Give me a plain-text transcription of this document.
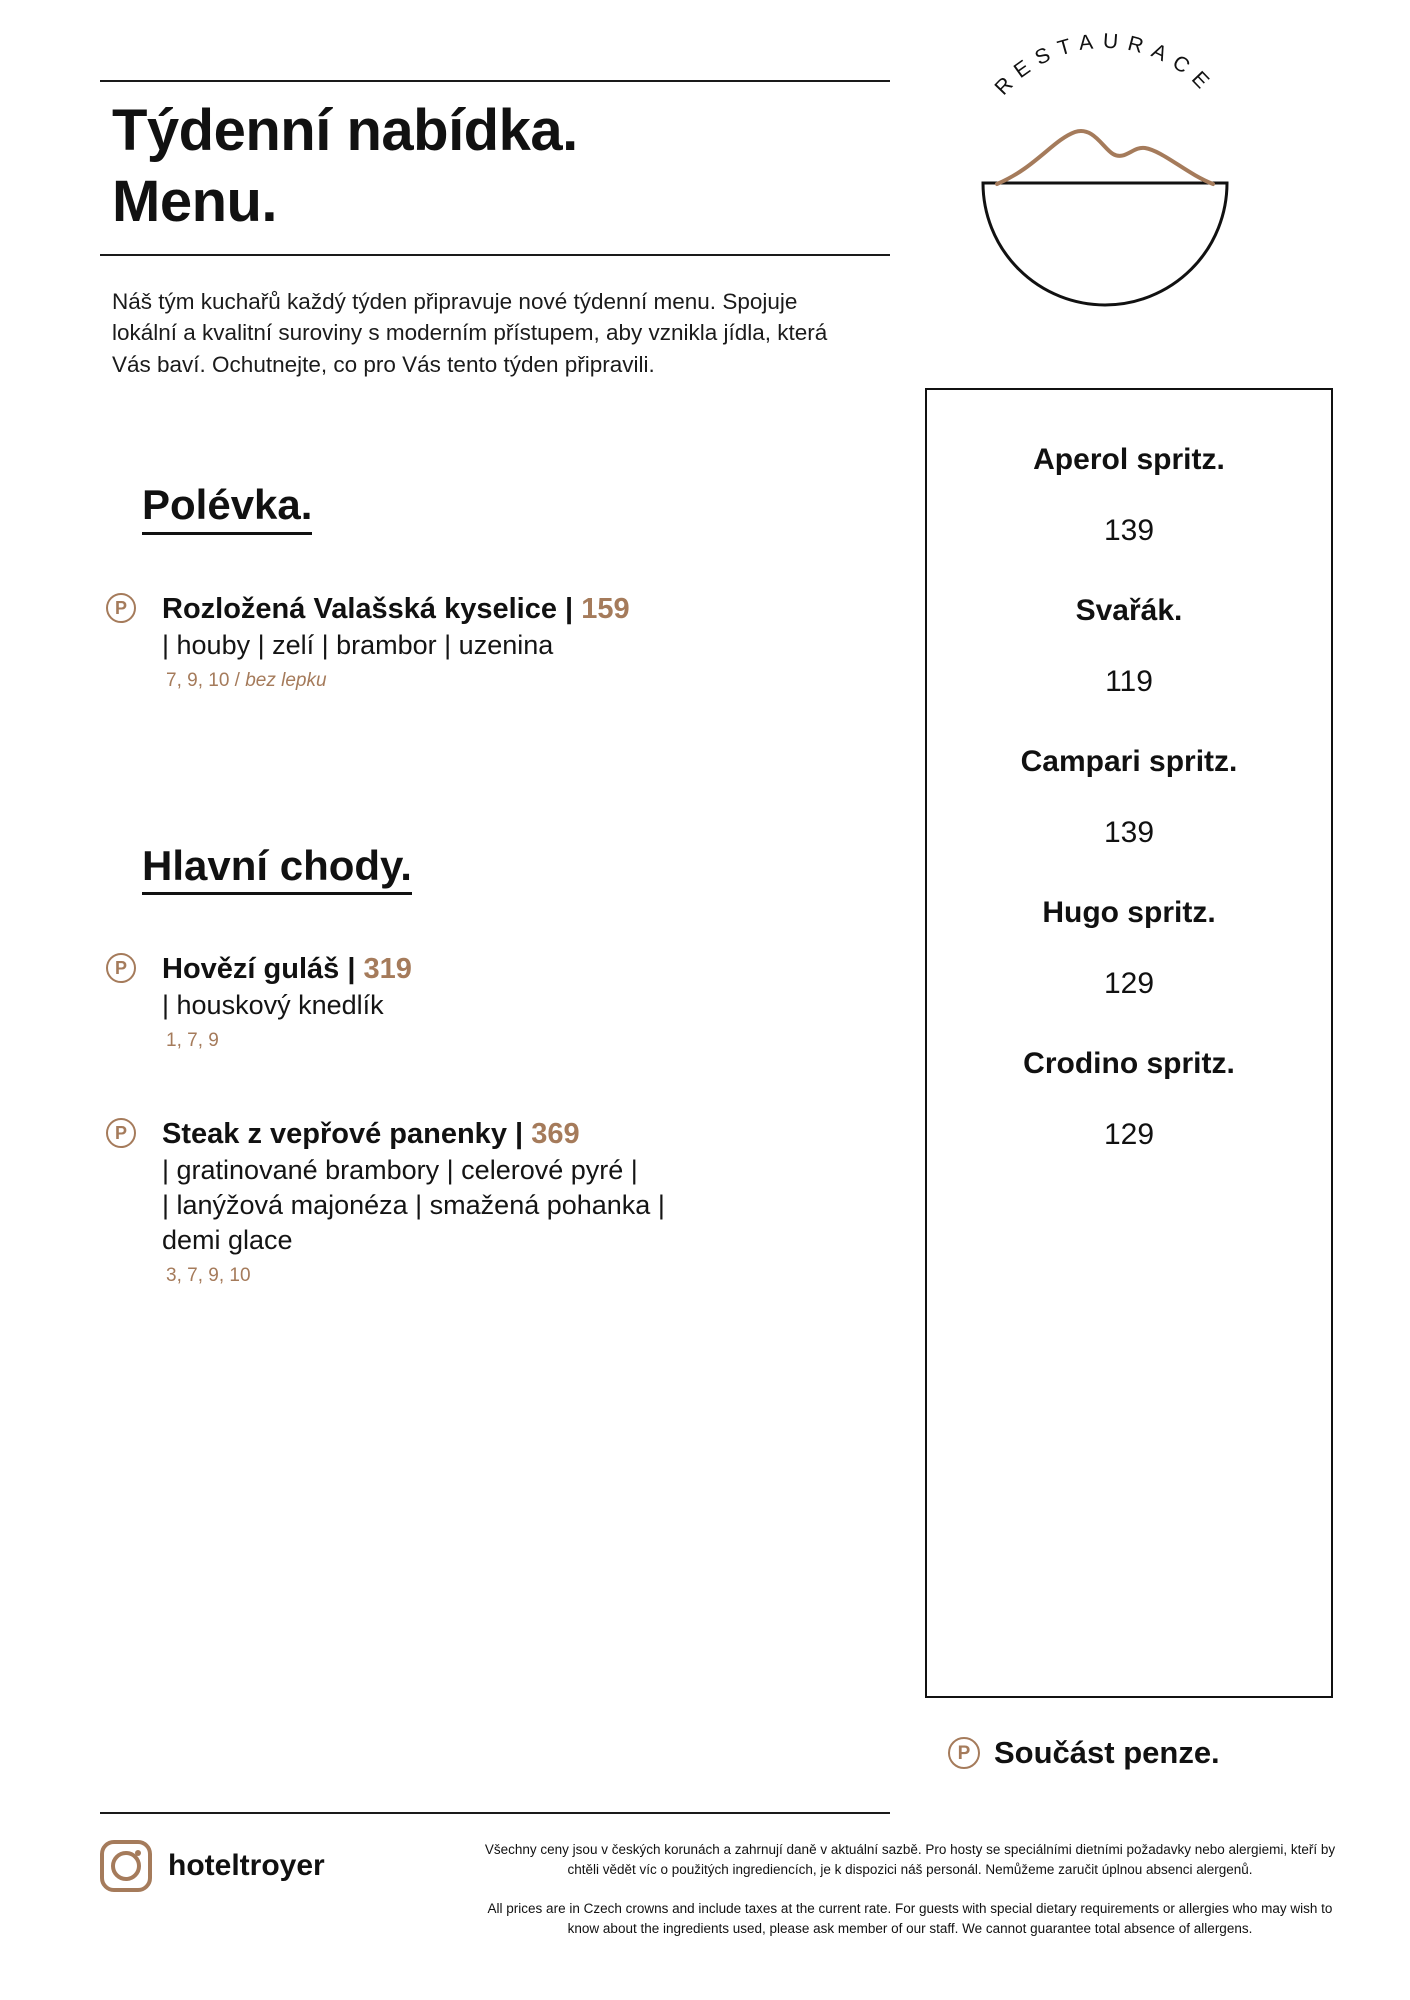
Týdenní nabídka.
Menu.

Náš tým kuchařů každý týden připravuje nové týdenní menu. Spojuje lokální a kvalitní suroviny s moderním přístupem, aby vznikla jídla, která Vás baví. Ochutnejte, co pro Vás tento týden připravili.

Polévka.
P	Rozložená Valašská kyselice | 159
| houby | zelí | brambor | uzenina
7, 9, 10 / bez lepku
Hlavní chody.
P	Hovězí guláš | 319
| houskový knedlík
1, 7, 9
P	Steak z vepřové panenky | 369
| gratinované brambory | celerové pyré |
| lanýžová majonéza | smažená pohanka |
demi glace
3, 7, 9, 10
RESTAURACE
Aperol spritz.
139
Svařák.
119
Campari spritz.
139
Hugo spritz.
129
Crodino spritz.
129
P Součást penze.
hoteltroyer	Všechny ceny jsou v českých korunách a zahrnují daně v aktuální sazbě. Pro hosty se speciálními dietními požadavky nebo alergiemi, kteří by chtěli vědět víc o použitých ingrediencích, je k dispozici náš personál. Nemůžeme zaručit úplnou absenci alergenů.

All prices are in Czech crowns and include taxes at the current rate. For guests with special dietary requirements or allergies who may wish to know about the ingredients used, please ask member of our staff. We cannot guarantee total absence of allergens.
